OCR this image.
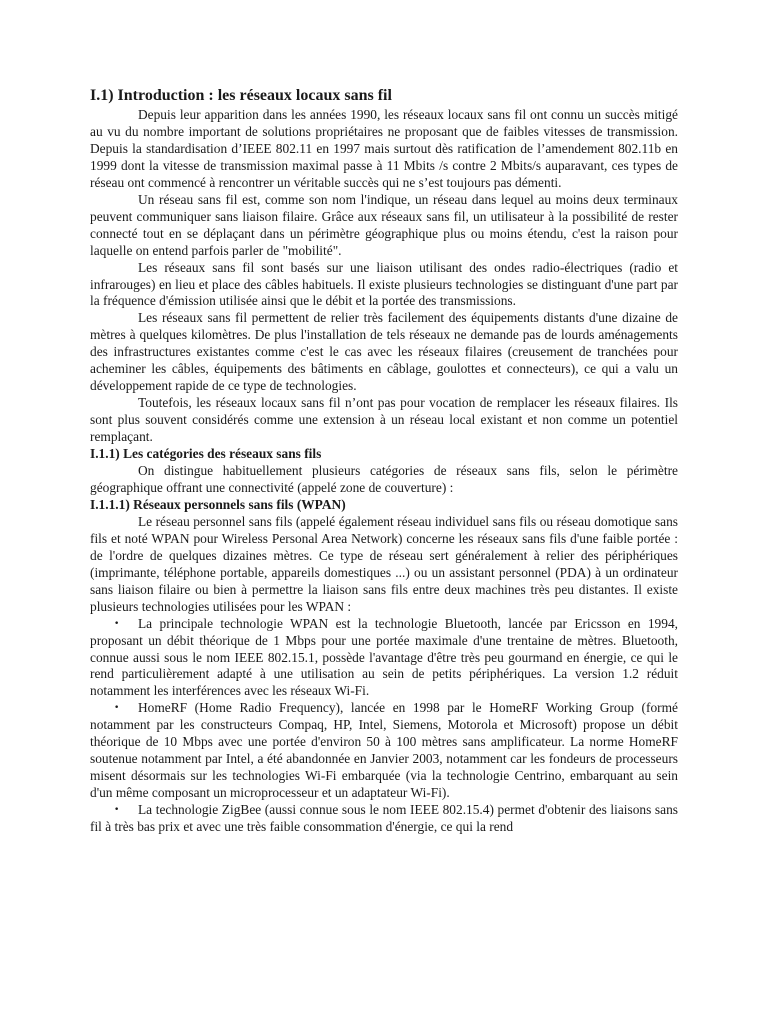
I.1) Introduction : les réseaux locaux sans fil

Depuis leur apparition dans les années 1990, les réseaux locaux sans fil ont connu un succès mitigé au vu du nombre important de solutions propriétaires ne proposant que de faibles vitesses de transmission. Depuis la standardisation d’IEEE 802.11 en 1997 mais surtout dès ratification de l’amendement 802.11b en 1999 dont la vitesse de transmission maximal passe à 11 Mbits /s contre 2 Mbits/s auparavant, ces types de réseau ont commencé à rencontrer un véritable succès qui ne s’est toujours pas démenti.

Un réseau sans fil est, comme son nom l'indique, un réseau dans lequel au moins deux terminaux peuvent communiquer sans liaison filaire. Grâce aux réseaux sans fil, un utilisateur à la possibilité de rester connecté tout en se déplaçant dans un périmètre géographique plus ou moins étendu, c'est la raison pour laquelle on entend parfois parler de "mobilité".

Les réseaux sans fil sont basés sur une liaison utilisant des ondes radio-électriques (radio et infrarouges) en lieu et place des câbles habituels. Il existe plusieurs technologies se distinguant d'une part par la fréquence d'émission utilisée ainsi que le débit et la portée des transmissions.

Les réseaux sans fil permettent de relier très facilement des équipements distants d'une dizaine de mètres à quelques kilomètres. De plus l'installation de tels réseaux ne demande pas de lourds aménagements des infrastructures existantes comme c'est le cas avec les réseaux filaires (creusement de tranchées pour acheminer les câbles, équipements des bâtiments en câblage, goulottes et connecteurs), ce qui a valu un développement rapide de ce type de technologies.

Toutefois, les réseaux locaux sans fil n’ont pas pour vocation de remplacer les réseaux filaires. Ils sont plus souvent considérés comme une extension à un réseau local existant et non comme un potentiel remplaçant.

I.1.1) Les catégories des réseaux sans fils

On distingue habituellement plusieurs catégories de réseaux sans fils, selon le périmètre géographique offrant une connectivité (appelé zone de couverture) :

I.1.1.1) Réseaux personnels sans fils (WPAN)

Le réseau personnel sans fils (appelé également réseau individuel sans fils ou réseau domotique sans fils et noté WPAN pour Wireless Personal Area Network) concerne les réseaux sans fils d'une faible portée : de l'ordre de quelques dizaines mètres. Ce type de réseau sert généralement à relier des périphériques (imprimante, téléphone portable, appareils domestiques ...) ou un assistant personnel (PDA) à un ordinateur sans liaison filaire ou bien à permettre la liaison sans fils entre deux machines très peu distantes. Il existe plusieurs technologies utilisées pour les WPAN :

•	La principale technologie WPAN est la technologie Bluetooth, lancée par Ericsson en 1994, proposant un débit théorique de 1 Mbps pour une portée maximale d'une trentaine de mètres. Bluetooth, connue aussi sous le nom IEEE 802.15.1, possède l'avantage d'être très peu gourmand en énergie, ce qui le rend particulièrement adapté à une utilisation au sein de petits périphériques. La version 1.2 réduit notamment les interférences avec les réseaux Wi-Fi.
•	HomeRF (Home Radio Frequency), lancée en 1998 par le HomeRF Working Group (formé notamment par les constructeurs Compaq, HP, Intel, Siemens, Motorola et Microsoft) propose un débit théorique de 10 Mbps avec une portée d'environ 50 à 100 mètres sans amplificateur. La norme HomeRF soutenue notamment par Intel, a été abandonnée en Janvier 2003, notamment car les fondeurs de processeurs misent désormais sur les technologies Wi-Fi embarquée (via la technologie Centrino, embarquant au sein d'un même composant un microprocesseur et un adaptateur Wi-Fi).
•	La technologie ZigBee (aussi connue sous le nom IEEE 802.15.4) permet d'obtenir des liaisons sans fil à très bas prix et avec une très faible consommation d'énergie, ce qui la rend
